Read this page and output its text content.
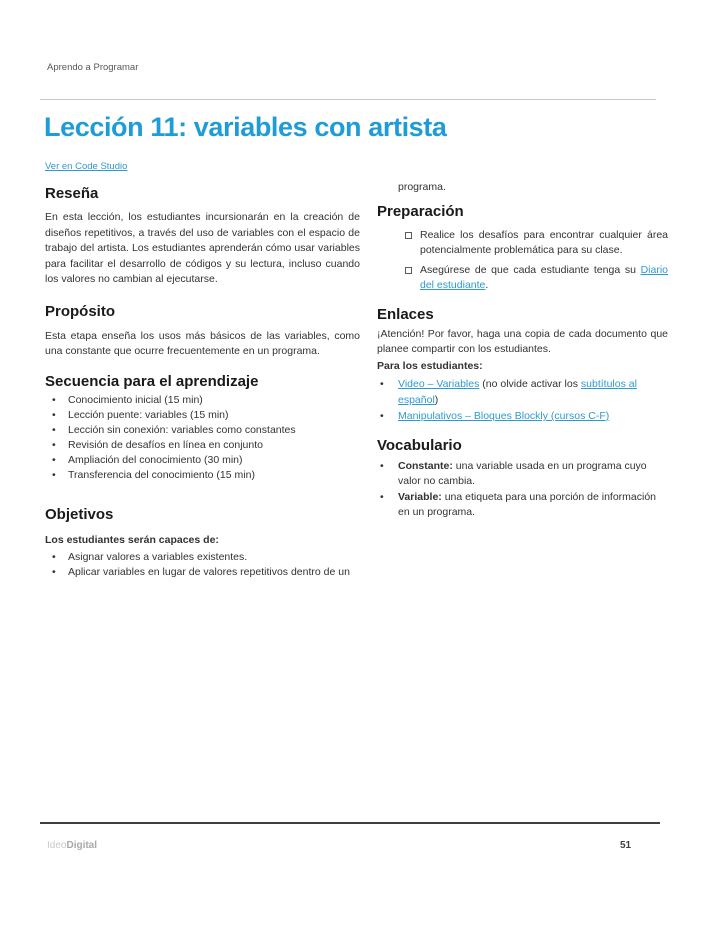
Aprendo a Programar
Lección 11: variables con artista
Ver en Code Studio
Reseña

En esta lección, los estudiantes incursionarán en la creación de diseños repetitivos, a través del uso de variables con el espacio de trabajo del artista. Los estudiantes aprenderán cómo usar variables para facilitar el desarrollo de códigos y su lectura, incluso cuando los valores no cambian al ejecutarse.

Propósito

Esta etapa enseña los usos más básicos de las variables, como una constante que ocurre frecuentemente en un programa.

Secuencia para el aprendizaje
• Conocimiento inicial (15 min)
• Lección puente: variables (15 min)
• Lección sin conexión: variables como constantes
• Revisión de desafíos en línea en conjunto
• Ampliación del conocimiento (30 min)
• Transferencia del conocimiento (15 min)
Objetivos

Los estudiantes serán capaces de:

• Asignar valores a variables existentes.
• Aplicar variables en lugar de valores repetitivos dentro de un

programa.

Preparación
Realice los desafíos para encontrar cualquier área potencialmente problemática para su clase.
Asegúrese de que cada estudiante tenga su Diario del estudiante.
Enlaces

¡Atención! Por favor, haga una copia de cada documento que planee compartir con los estudiantes.

Para los estudiantes:

• Video – Variables (no olvide activar los subtítulos al español)
• Manipulativos – Bloques Blockly (cursos C-F)
Vocabulario
• Constante: una variable usada en un programa cuyo valor no cambia.
• Variable: una etiqueta para una porción de información en un programa.
IdeoDigital	51
